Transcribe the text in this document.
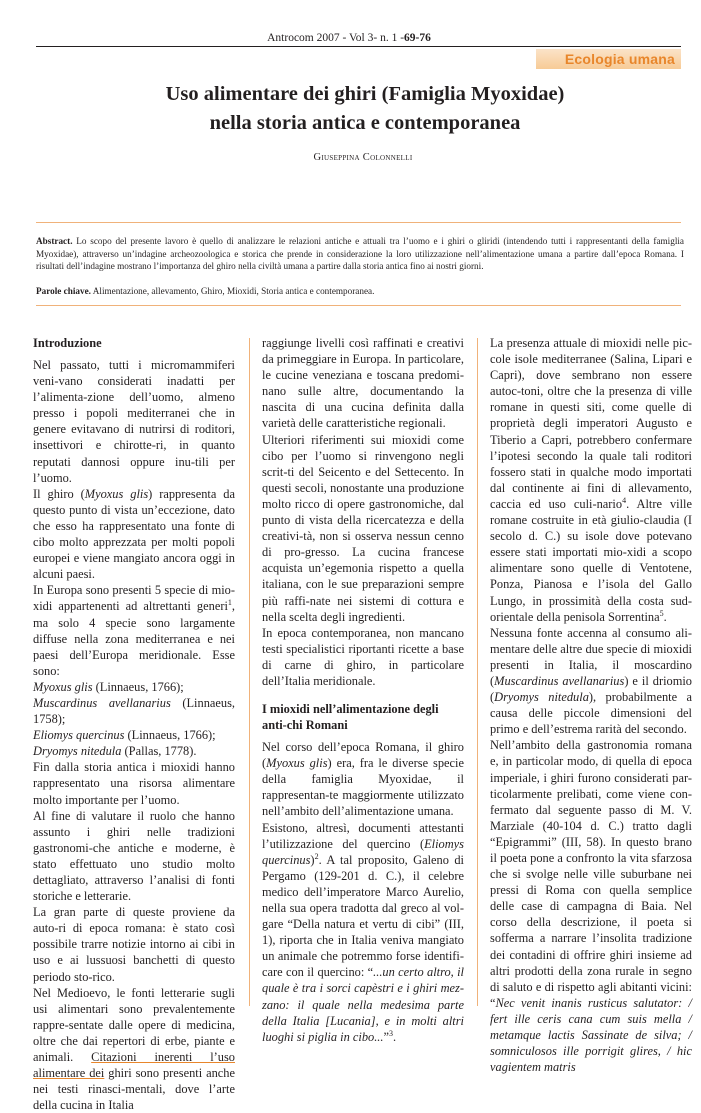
Antrocom 2007 - Vol 3- n. 1 -69-76
Ecologia umana
Uso alimentare dei ghiri (Famiglia Myoxidae)
nella storia antica e contemporanea
Giuseppina Colonnelli
Abstract. Lo scopo del presente lavoro è quello di analizzare le relazioni antiche e attuali tra l’uomo e i ghiri o gliridi (intendendo tutti i rappresentanti della famiglia Myoxidae), attraverso un’indagine archeozoologica e storica che prende in considerazione la loro utilizzazione nell’alimentazione umana a partire dall’epoca Romana. I risultati dell’indagine mostrano l’importanza del ghiro nella civiltà umana a partire dalla storia antica fino ai nostri giorni.
Parole chiave. Alimentazione, allevamento, Ghiro, Mioxidi, Storia antica e contemporanea.
Introduzione

Nel passato, tutti i micromammiferi veni-vano considerati inadatti per l’alimenta-zione dell’uomo, almeno presso i popoli mediterranei che in genere evitavano di nutrirsi di roditori, insettivori e chirotte-ri, in quanto reputati dannosi oppure inu-tili per l’uomo.

Il ghiro (Myoxus glis) rappresenta da questo punto di vista un’eccezione, dato che esso ha rappresentato una fonte di cibo molto apprezzata per molti popoli europei e viene mangiato ancora oggi in alcuni paesi.

In Europa sono presenti 5 specie di mio-xidi appartenenti ad altrettanti generi$^1$, ma solo 4 specie sono largamente diffuse nella zona mediterranea e nei paesi dell’Europa meridionale. Esse sono:

Myoxus glis (Linnaeus, 1766);

Muscardinus avellanarius (Linnaeus, 1758);

Eliomys quercinus (Linnaeus, 1766);

Dryomys nitedula (Pallas, 1778).

Fin dalla storia antica i mioxidi hanno rappresentato una risorsa alimentare molto importante per l’uomo.

Al fine di valutare il ruolo che hanno assunto i ghiri nelle tradizioni gastronomi-che antiche e moderne, è stato effettuato uno studio molto dettagliato, attraverso l’analisi di fonti storiche e letterarie.

La gran parte di queste proviene da auto-ri di epoca romana: è stato così possibile trarre notizie intorno ai cibi in uso e ai lussuosi banchetti di questo periodo sto-rico.

Nel Medioevo, le fonti letterarie sugli usi alimentari sono prevalentemente rappre-sentate dalle opere di medicina, oltre che dai repertori di erbe, piante e animali. Citazioni inerenti l’uso alimentare dei ghiri sono presenti anche nei testi rinasci-mentali, dove l’arte della cucina in Italia

raggiunge livelli così raffinati e creativi da primeggiare in Europa. In particolare, le cucine veneziana e toscana predomi-nano sulle altre, documentando la nascita di una cucina definita dalla varietà delle caratteristiche regionali.

Ulteriori riferimenti sui mioxidi come cibo per l’uomo si rinvengono negli scrit-ti del Seicento e del Settecento. In questi secoli, nonostante una produzione molto ricco di opere gastronomiche, dal punto di vista della ricercatezza e della creativi-tà, non si osserva nessun cenno di pro-gresso. La cucina francese acquista un’egemonia rispetto a quella italiana, con le sue preparazioni sempre più raffi-nate nei sistemi di cottura e nella scelta degli ingredienti.

In epoca contemporanea, non mancano testi specialistici riportanti ricette a base di carne di ghiro, in particolare dell’Italia meridionale.

I mioxidi nell’alimentazione degli anti-chi Romani

Nel corso dell’epoca Romana, il ghiro (Myoxus glis) era, fra le diverse specie della famiglia Myoxidae, il rappresentan-te maggiormente utilizzato nell’ambito dell’alimentazione umana.

Esistono, altresì, documenti attestanti l’utilizzazione del quercino (Eliomys quercinus)$^2$. A tal proposito, Galeno di Pergamo (129-201 d. C.), il celebre medico dell’imperatore Marco Aurelio, nella sua opera tradotta dal greco al vol-gare “Della natura et vertu di cibi” (III, 1), riporta che in Italia veniva mangiato un animale che potremmo forse identifi-care con il quercino: “...un certo altro, il quale è tra i sorci capèstri e i ghiri mez-zano: il quale nella medesima parte della Italia [Lucania], e in molti altri luoghi si piglia in cibo...”$^3$.

La presenza attuale di mioxidi nelle pic-cole isole mediterranee (Salina, Lipari e Capri), dove sembrano non essere autoc-toni, oltre che la presenza di ville romane in questi siti, come quelle di proprietà degli imperatori Augusto e Tiberio a Capri, potrebbero confermare l’ipotesi secondo la quale tali roditori fossero stati in qualche modo importati dal continente ai fini di allevamento, caccia ed uso culi-nario$^4$. Altre ville romane costruite in età giulio-claudia (I secolo d. C.) su isole dove potevano essere stati importati mio-xidi a scopo alimentare sono quelle di Ventotene, Ponza, Pianosa e l’isola del Gallo Lungo, in prossimità della costa sud-orientale della penisola Sorrentina$^5$.

Nessuna fonte accenna al consumo ali-mentare delle altre due specie di mioxidi presenti in Italia, il moscardino (Muscardinus avellanarius) e il driomio (Dryomys nitedula), probabilmente a causa delle piccole dimensioni del primo e dell’estrema rarità del secondo.

Nell’ambito della gastronomia romana e, in particolar modo, di quella di epoca imperiale, i ghiri furono considerati par-ticolarmente prelibati, come viene con-fermato dal seguente passo di M. V. Marziale (40-104 d. C.) tratto dagli “Epigrammi” (III, 58). In questo brano il poeta pone a confronto la vita sfarzosa che si svolge nelle ville suburbane nei pressi di Roma con quella semplice delle case di campagna di Baia. Nel corso della descrizione, il poeta si sofferma a narrare l’insolita tradizione dei contadini di offrire ghiri insieme ad altri prodotti della zona rurale in segno di saluto e di rispetto agli abitanti vicini: “Nec venit inanis rusticus salutator: / fert ille ceris cana cum suis mella / metamque lactis Sassinate de silva; / somniculosos ille porrigit glires, / hic vagientem matris
